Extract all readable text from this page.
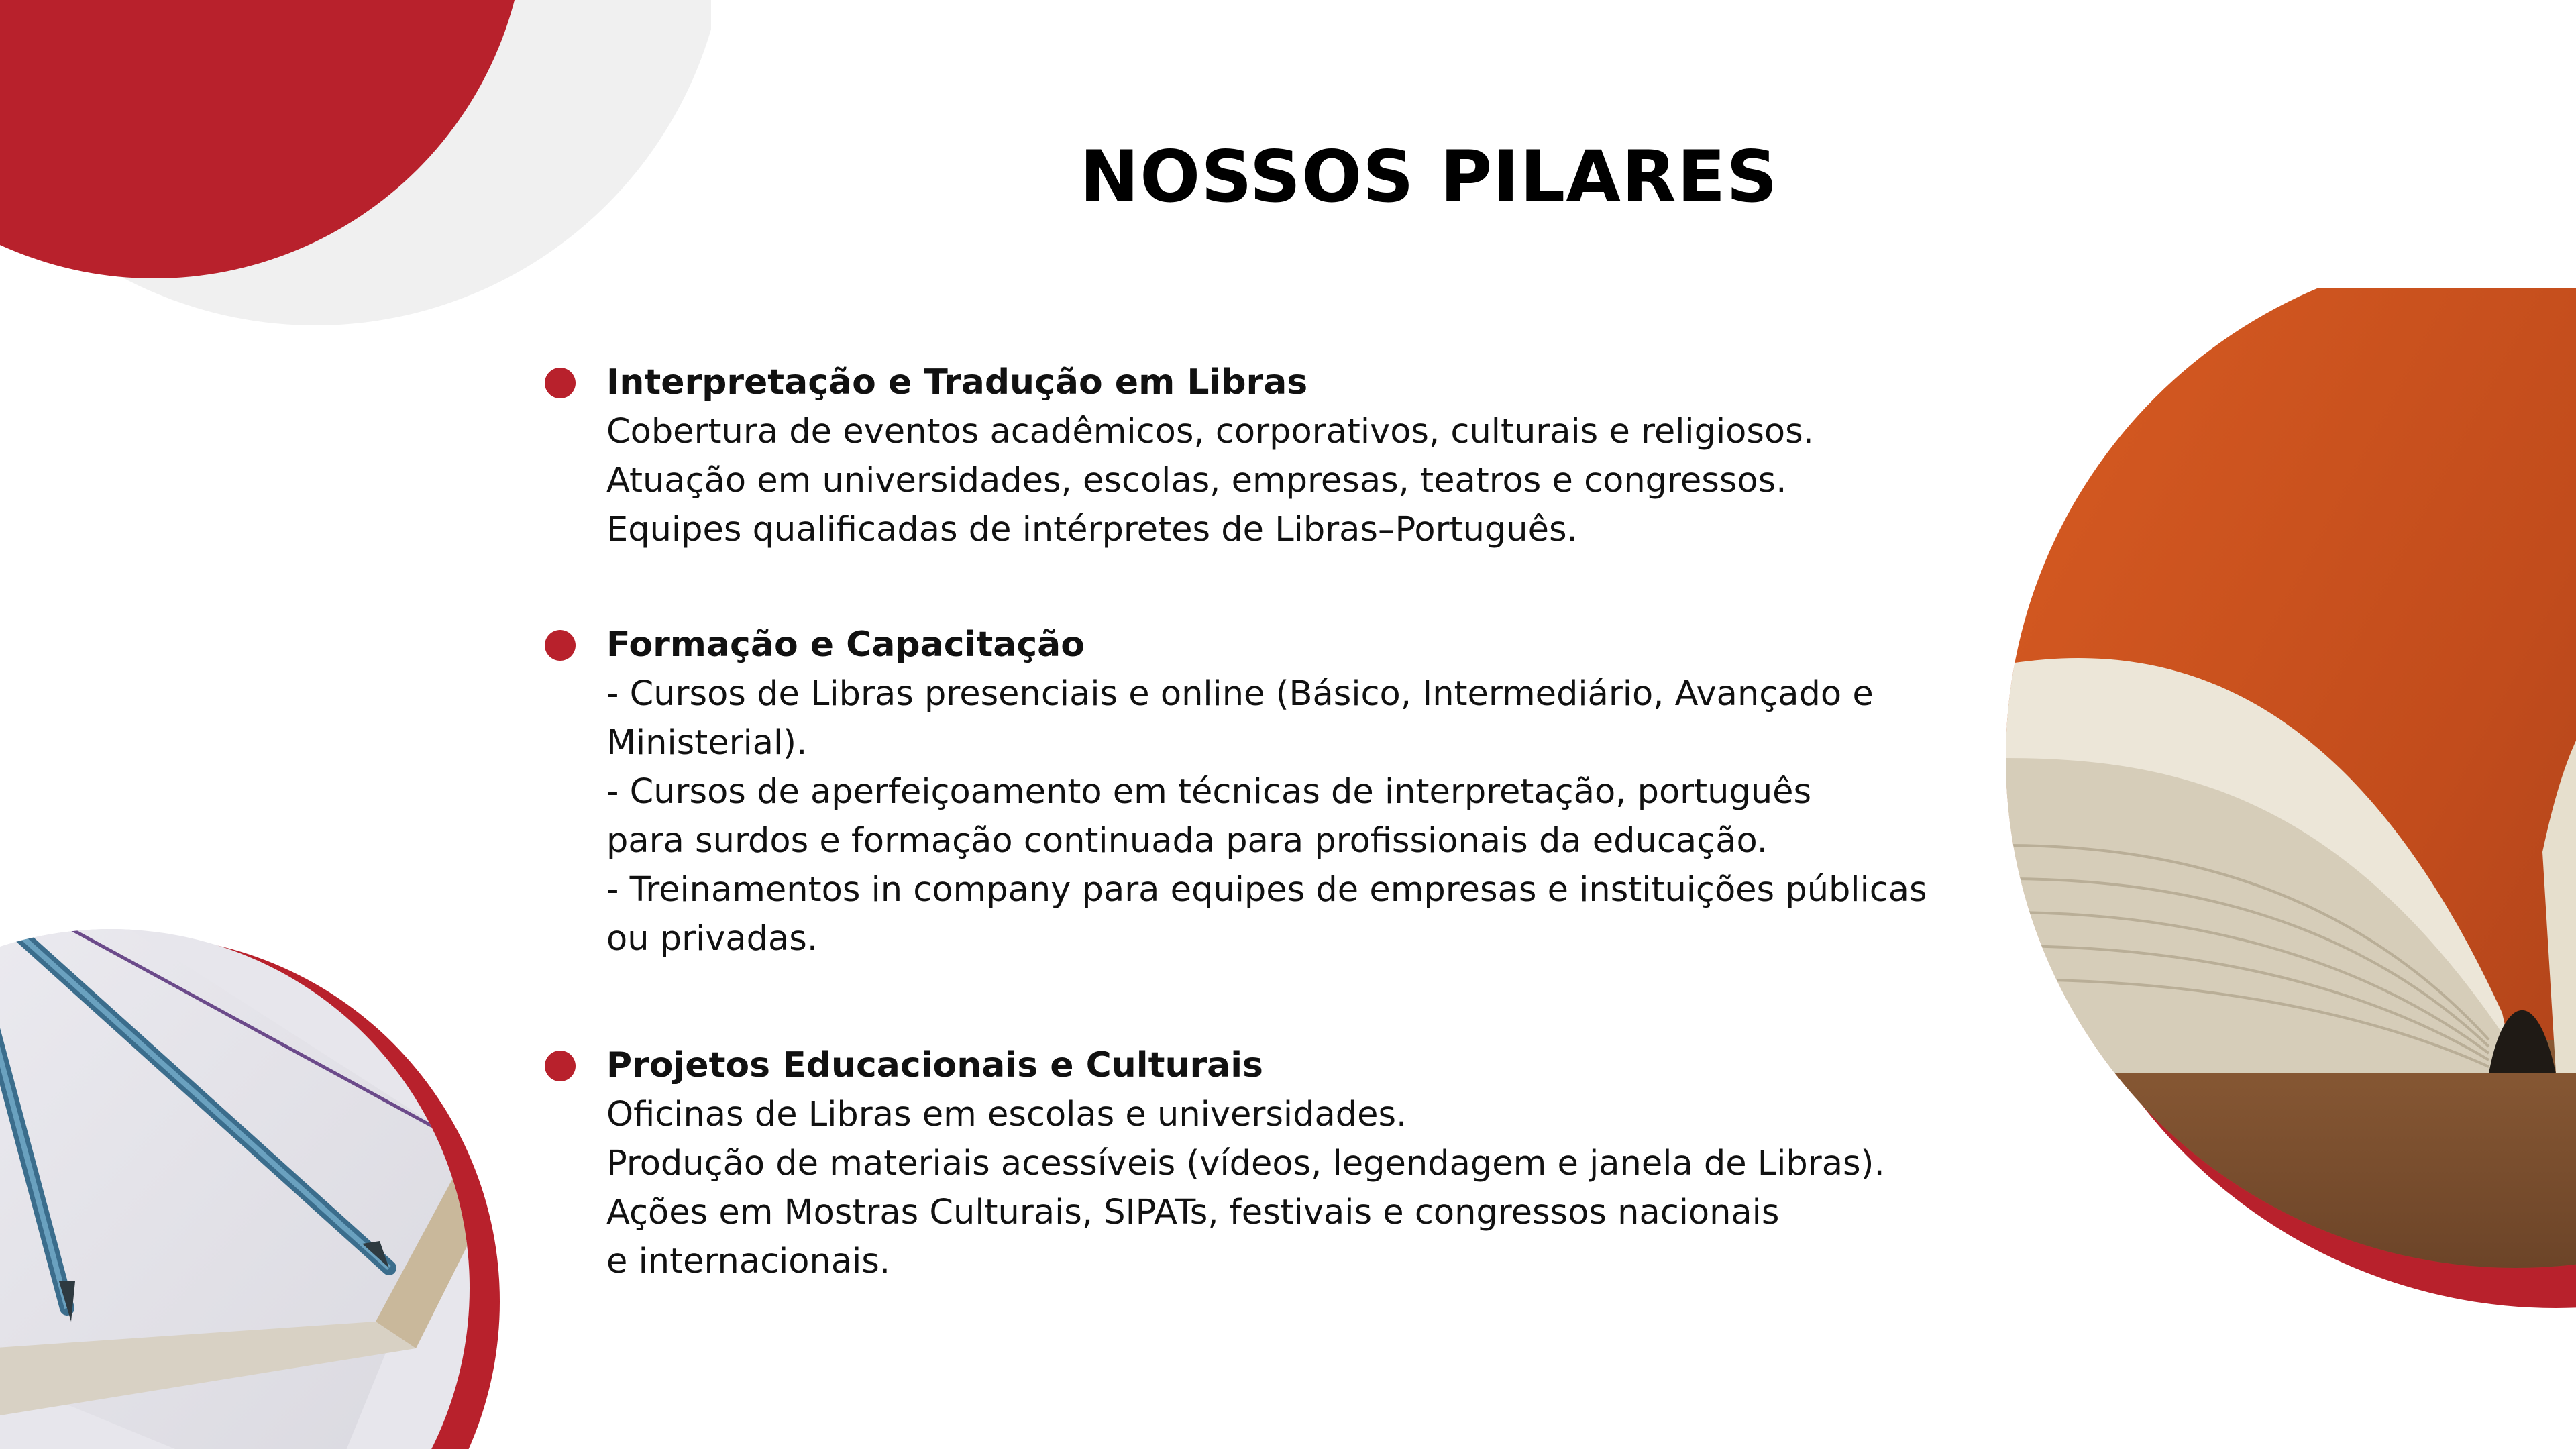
NOSSOS PILARES
Interpretação e Tradução em Libras
Cobertura de eventos acadêmicos, corporativos, culturais e religiosos.
Atuação em universidades, escolas, empresas, teatros e congressos.
Equipes qualificadas de intérpretes de Libras–Português.
Formação e Capacitação
- Cursos de Libras presenciais e online (Básico, Intermediário, Avançado e
Ministerial).
- Cursos de aperfeiçoamento em técnicas de interpretação, português
para surdos e formação continuada para profissionais da educação.
- Treinamentos in company para equipes de empresas e instituições públicas
ou privadas.
Projetos Educacionais e Culturais
Oficinas de Libras em escolas e universidades.
Produção de materiais acessíveis (vídeos, legendagem e janela de Libras).
Ações em Mostras Culturais, SIPATs, festivais e congressos nacionais
e internacionais.
